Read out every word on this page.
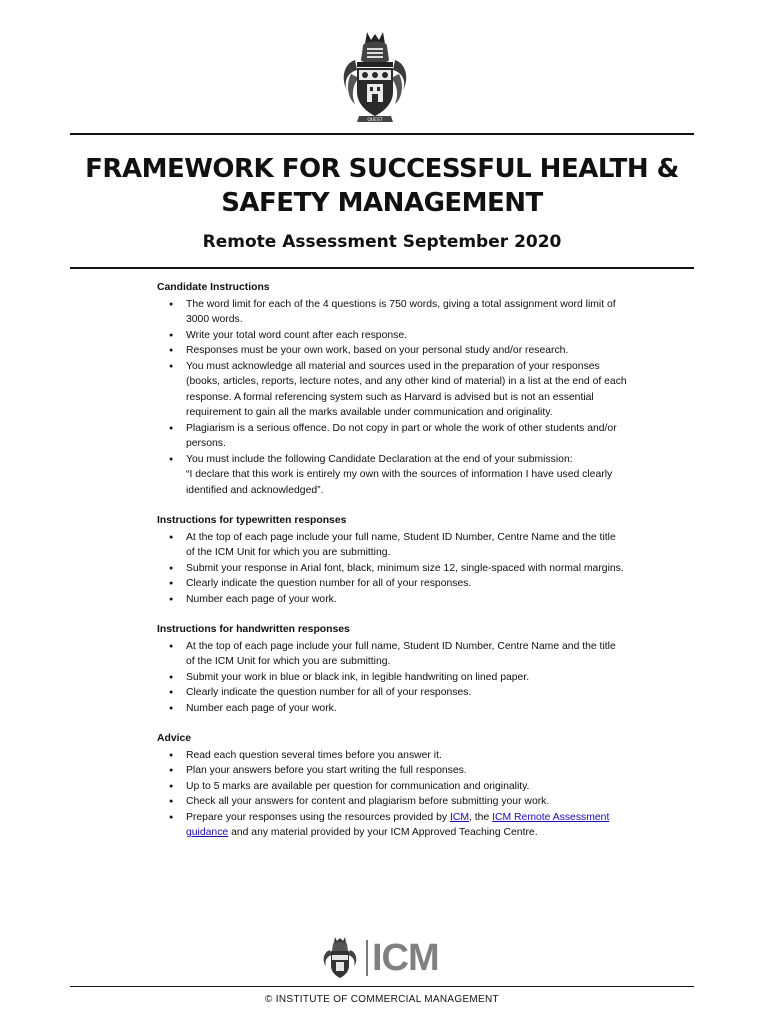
QUEST
FRAMEWORK FOR SUCCESSFUL HEALTH &
SAFETY MANAGEMENT
Remote Assessment September 2020
Candidate Instructions
● The word limit for each of the 4 questions is 750 words, giving a total assignment word limit of 3000 words.
● Write your total word count after each response.
● Responses must be your own work, based on your personal study and/or research.
● You must acknowledge all material and sources used in the preparation of your responses (books, articles, reports, lecture notes, and any other kind of material) in a list at the end of each response. A formal referencing system such as Harvard is advised but is not an essential requirement to gain all the marks available under communication and originality.
● Plagiarism is a serious offence. Do not copy in part or whole the work of other students and/or persons.
● You must include the following Candidate Declaration at the end of your submission:
“I declare that this work is entirely my own with the sources of information I have used clearly identified and acknowledged”.
Instructions for typewritten responses
● At the top of each page include your full name, Student ID Number, Centre Name and the title of the ICM Unit for which you are submitting.
● Submit your response in Arial font, black, minimum size 12, single-spaced with normal margins.
● Clearly indicate the question number for all of your responses.
● Number each page of your work.
Instructions for handwritten responses
● At the top of each page include your full name, Student ID Number, Centre Name and the title of the ICM Unit for which you are submitting.
● Submit your work in blue or black ink, in legible handwriting on lined paper.
● Clearly indicate the question number for all of your responses.
● Number each page of your work.
Advice
● Read each question several times before you answer it.
● Plan your answers before you start writing the full responses.
● Up to 5 marks are available per question for communication and originality.
● Check all your answers for content and plagiarism before submitting your work.
● Prepare your responses using the resources provided by ICM, the ICM Remote Assessment guidance and any material provided by your ICM Approved Teaching Centre.
ICM
© INSTITUTE OF COMMERCIAL MANAGEMENT
